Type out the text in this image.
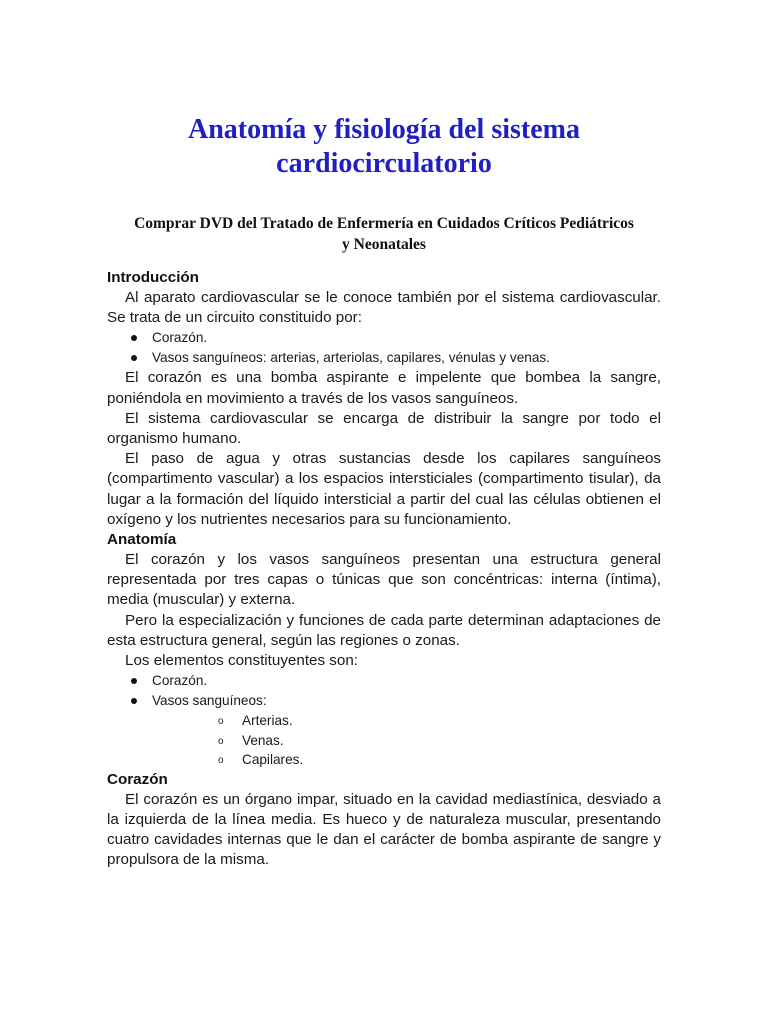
Anatomía y fisiología del sistema
cardiocirculatorio
Comprar DVD del Tratado de Enfermería en Cuidados Críticos Pediátricos
y Neonatales
Introducción

Al aparato cardiovascular se le conoce también por el sistema cardiovascular. Se trata de un circuito constituido por:

Corazón.
Vasos sanguíneos: arterias, arteriolas, capilares, vénulas y venas.

El corazón es una bomba aspirante e impelente que bombea la sangre, poniéndola en movimiento a través de los vasos sanguíneos.

El sistema cardiovascular se encarga de distribuir la sangre por todo el organismo humano.

El paso de agua y otras sustancias desde los capilares sanguíneos (compartimento vascular) a los espacios intersticiales (compartimento tisular), da lugar a la formación del líquido intersticial a partir del cual las células obtienen el oxígeno y los nutrientes necesarios para su funcionamiento.

Anatomía

El corazón y los vasos sanguíneos presentan una estructura general representada por tres capas o túnicas que son concéntricas: interna (íntima), media (muscular) y externa.

Pero la especialización y funciones de cada parte determinan adaptaciones de esta estructura general, según las regiones o zonas.

Los elementos constituyentes son:

Corazón.
Vasos sanguíneos:
o Arterias.
o Venas.
o Capilares.
Corazón

El corazón es un órgano impar, situado en la cavidad mediastínica, desviado a la izquierda de la línea media. Es hueco y de naturaleza muscular, presentando cuatro cavidades internas que le dan el carácter de bomba aspirante de sangre y propulsora de la misma.
